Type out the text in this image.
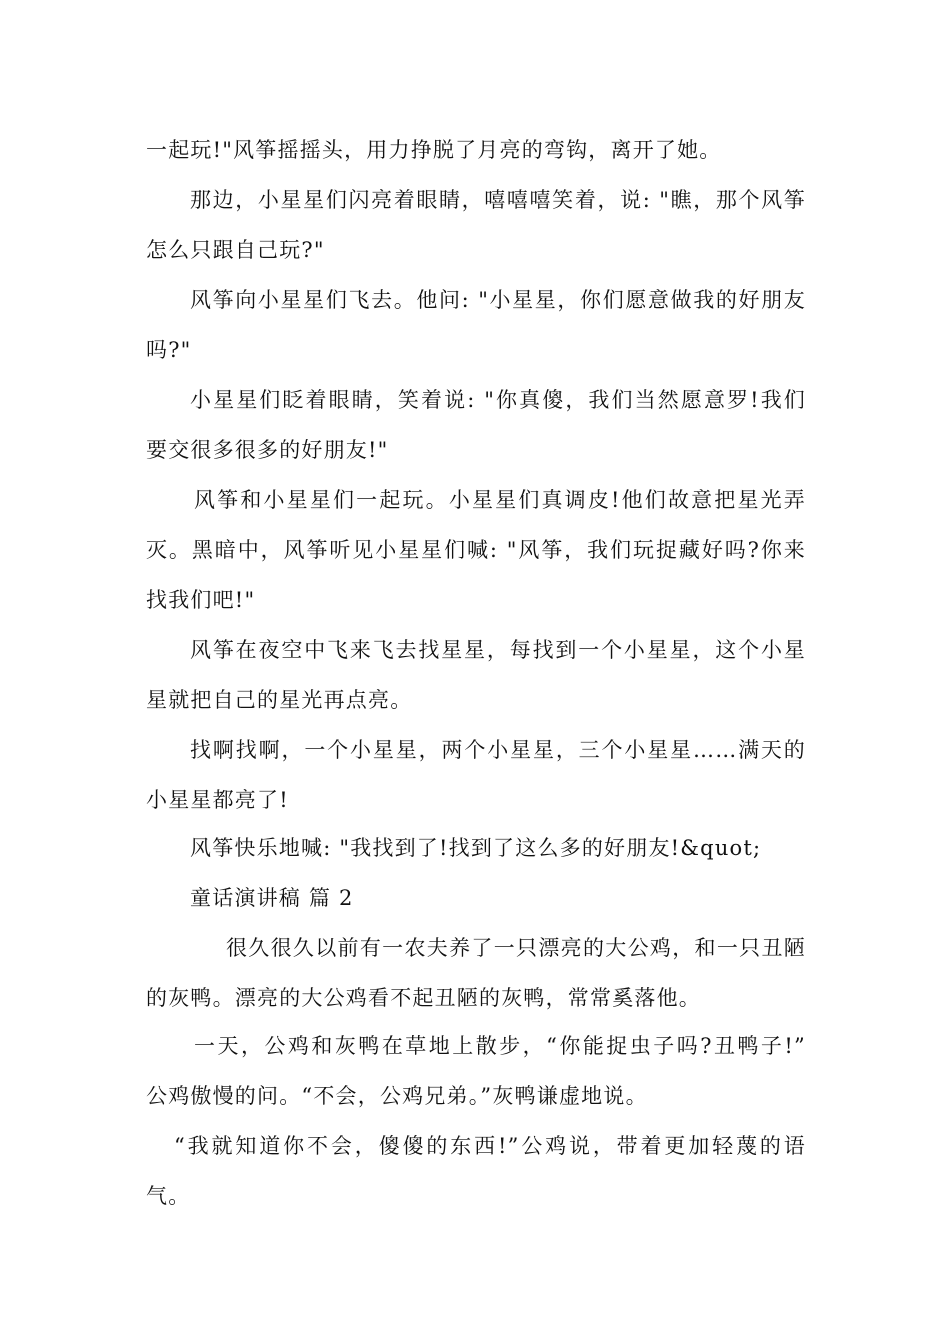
一起玩!"风筝摇摇头，用力挣脱了月亮的弯钩，离开了她。
那边，小星星们闪亮着眼睛，嘻嘻嘻笑着，说: "瞧，那个风筝
怎么只跟自己玩?"
风筝向小星星们飞去。他问: "小星星，你们愿意做我的好朋友
吗?"
小星星们眨着眼睛，笑着说: "你真傻，我们当然愿意罗!我们
要交很多很多的好朋友!"
风筝和小星星们一起玩。小星星们真调皮!他们故意把星光弄
灭。黑暗中，风筝听见小星星们喊: "风筝，我们玩捉藏好吗?你来
找我们吧!"
风筝在夜空中飞来飞去找星星，每找到一个小星星，这个小星
星就把自己的星光再点亮。
找啊找啊，一个小星星，两个小星星，三个小星星……满天的
小星星都亮了!
风筝快乐地喊: "我找到了!找到了这么多的好朋友!&quot;
童话演讲稿 篇 2
很久很久以前有一农夫养了一只漂亮的大公鸡，和一只丑陋
的灰鸭。漂亮的大公鸡看不起丑陋的灰鸭，常常奚落他。
一天，公鸡和灰鸭在草地上散步，“你能捉虫子吗?丑鸭子!”
公鸡傲慢的问。“不会，公鸡兄弟。”灰鸭谦虚地说。
“我就知道你不会，傻傻的东西!”公鸡说，带着更加轻蔑的语
气。
